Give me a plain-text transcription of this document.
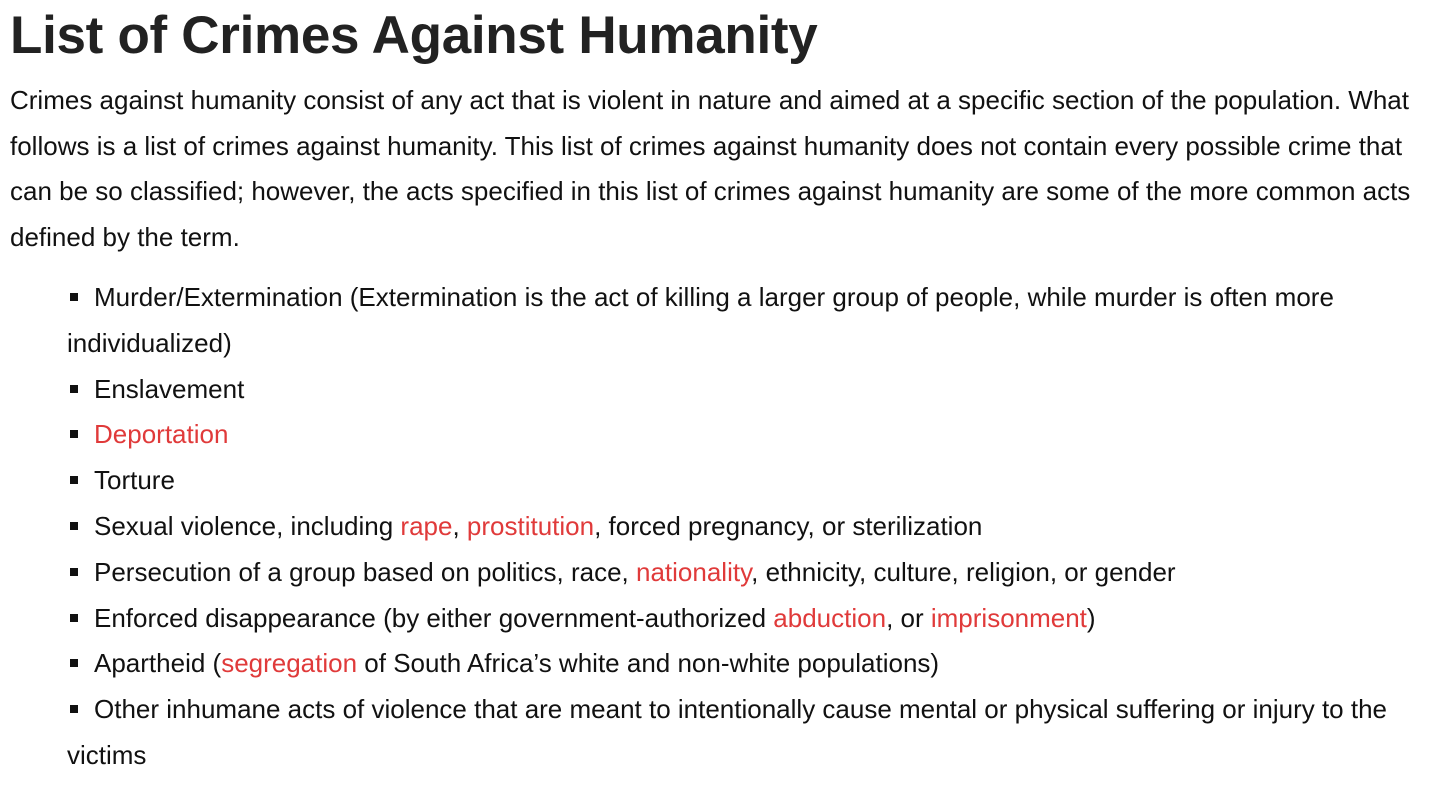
List of Crimes Against Humanity

Crimes against humanity consist of any act that is violent in nature and aimed at a specific section of the population. What follows is a list of crimes against humanity. This list of crimes against humanity does not contain every possible crime that can be so classified; however, the acts specified in this list of crimes against humanity are some of the more common acts defined by the term.

Murder/Extermination (Extermination is the act of killing a larger group of people, while murder is often more individualized)
Enslavement
Deportation
Torture
Sexual violence, including rape, prostitution, forced pregnancy, or sterilization
Persecution of a group based on politics, race, nationality, ethnicity, culture, religion, or gender
Enforced disappearance (by either government-authorized abduction, or imprisonment)
Apartheid (segregation of South Africa’s white and non-white populations)
Other inhumane acts of violence that are meant to intentionally cause mental or physical suffering or injury to the victims
